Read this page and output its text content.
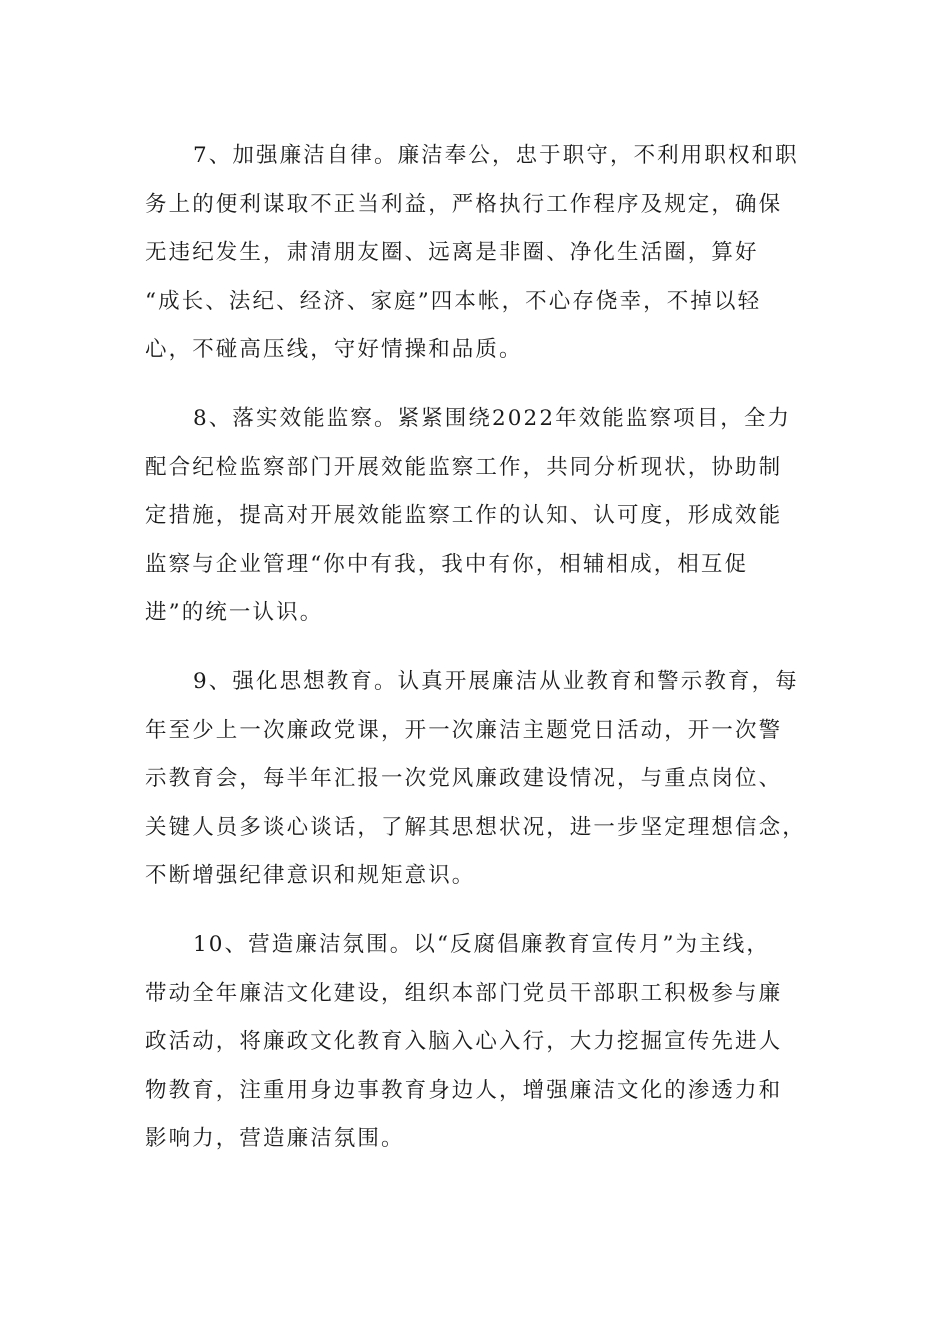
7、加强廉洁自律。廉洁奉公，忠于职守，不利用职权和职
务上的便利谋取不正当利益，严格执行工作程序及规定，确保
无违纪发生，肃清朋友圈、远离是非圈、净化生活圈，算好
“成长、法纪、经济、家庭”四本帐，不心存侥幸，不掉以轻
心，不碰高压线，守好情操和品质。

8、落实效能监察。紧紧围绕2022年效能监察项目，全力
配合纪检监察部门开展效能监察工作，共同分析现状，协助制
定措施，提高对开展效能监察工作的认知、认可度，形成效能
监察与企业管理“你中有我，我中有你，相辅相成，相互促
进”的统一认识。

9、强化思想教育。认真开展廉洁从业教育和警示教育，每
年至少上一次廉政党课，开一次廉洁主题党日活动，开一次警
示教育会，每半年汇报一次党风廉政建设情况，与重点岗位、
关键人员多谈心谈话，了解其思想状况，进一步坚定理想信念，
不断增强纪律意识和规矩意识。

10、营造廉洁氛围。以“反腐倡廉教育宣传月”为主线，
带动全年廉洁文化建设，组织本部门党员干部职工积极参与廉
政活动，将廉政文化教育入脑入心入行，大力挖掘宣传先进人
物教育，注重用身边事教育身边人，增强廉洁文化的渗透力和
影响力，营造廉洁氛围。
